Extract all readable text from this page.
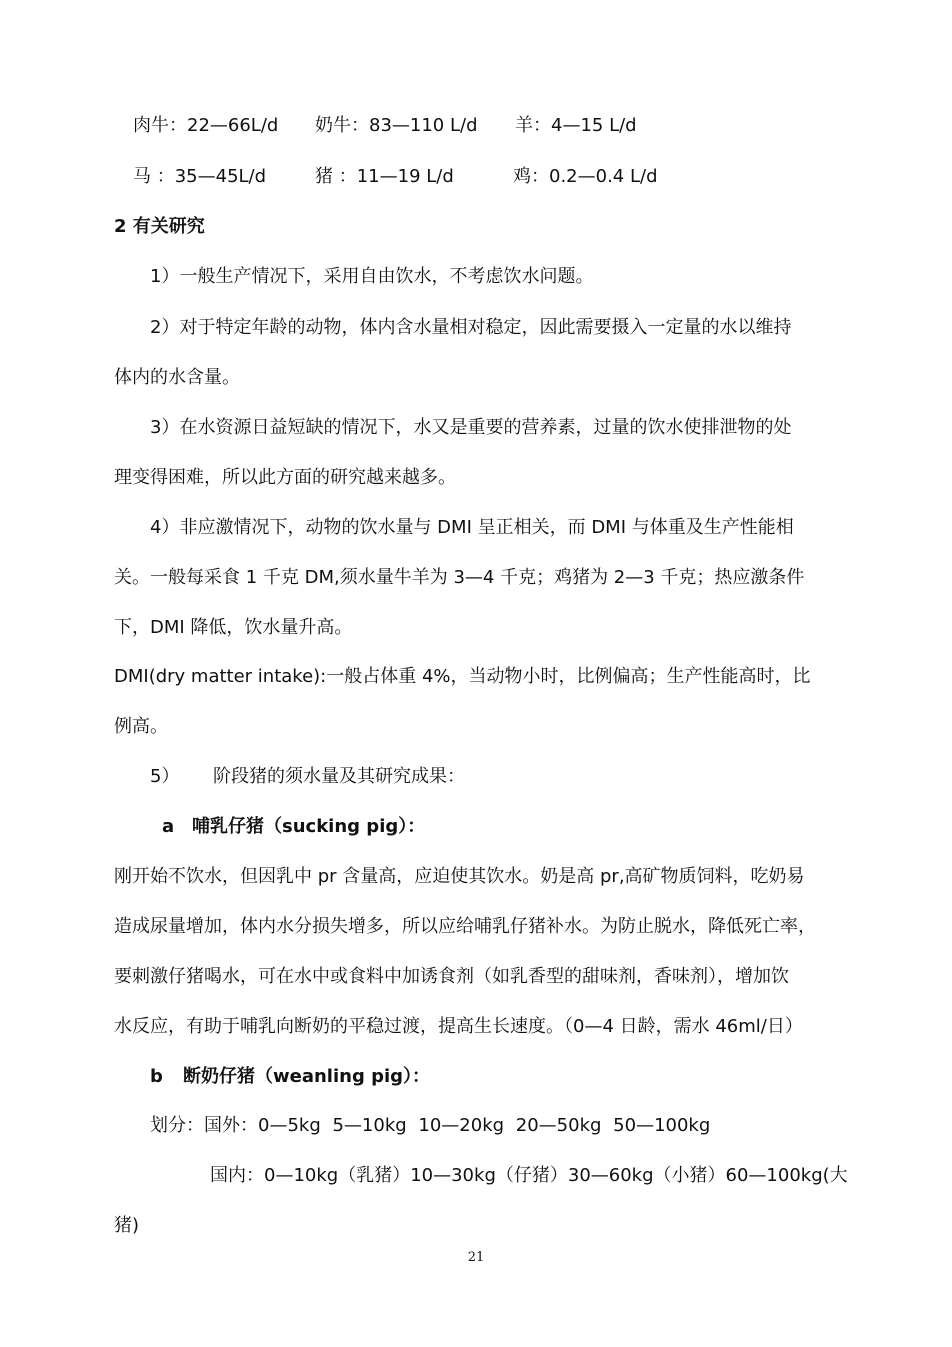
肉牛：22—66L/d 奶牛：83—110 L/d 羊：4—15 L/d
马 ：35—45L/d	猪 ：11—19 L/d	鸡：0.2—0.4 L/d
2 有关研究
1）一般生产情况下，采用自由饮水，不考虑饮水问题。
2）对于特定年龄的动物，体内含水量相对稳定，因此需要摄入一定量的水以维持
体内的水含量。
3）在水资源日益短缺的情况下，水又是重要的营养素，过量的饮水使排泄物的处
理变得困难，所以此方面的研究越来越多。
4）非应激情况下，动物的饮水量与 DMI 呈正相关，而 DMI 与体重及生产性能相
关。一般每采食 1 千克 DM,须水量牛羊为 3—4 千克；鸡猪为 2—3 千克；热应激条件
下，DMI 降低，饮水量升高。
DMI(dry matter intake):一般占体重 4%，当动物小时，比例偏高；生产性能高时，比
例高。
5） 阶段猪的须水量及其研究成果：
a 哺乳仔猪（sucking pig）：
刚开始不饮水，但因乳中 pr 含量高，应迫使其饮水。奶是高 pr,高矿物质饲料，吃奶易
造成尿量增加，体内水分损失增多，所以应给哺乳仔猪补水。为防止脱水，降低死亡率，
要刺激仔猪喝水，可在水中或食料中加诱食剂（如乳香型的甜味剂，香味剂），增加饮
水反应，有助于哺乳向断奶的平稳过渡，提高生长速度。（0—4 日龄，需水 46ml/日）
b 断奶仔猪（weanling pig）：
划分：国外：0—5kg 5—10kg 10—20kg 20—50kg 50—100kg
国内：0—10kg（乳猪）10—30kg（仔猪）30—60kg（小猪）60—100kg(大
猪)
21
